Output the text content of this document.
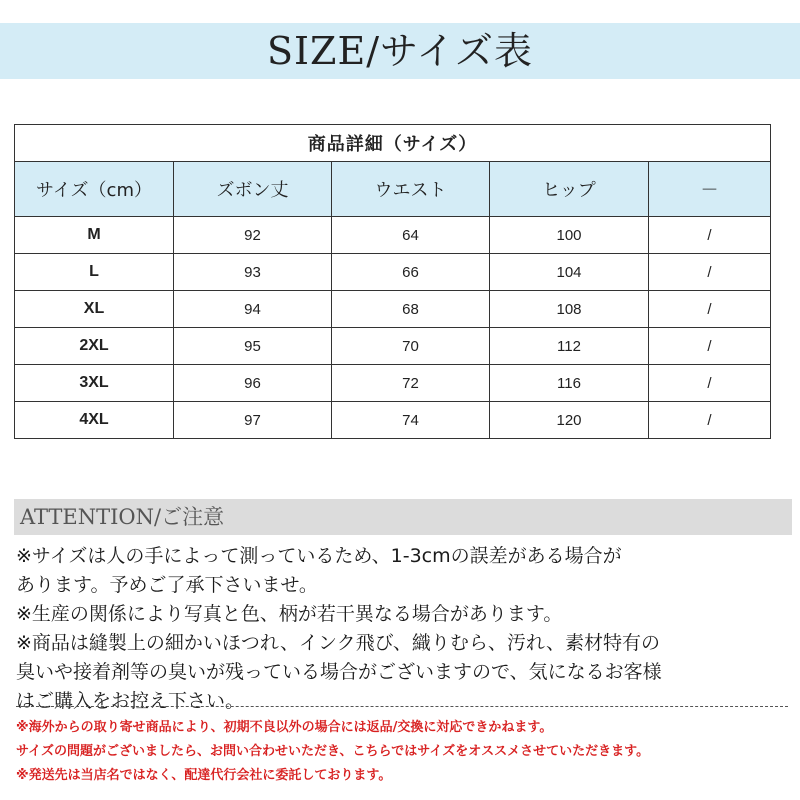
SIZE/サイズ表
商品詳細（サイズ）				
サイズ（cm）	ズボン丈	ウエスト	ヒップ	－
M	92	64	100	/
L	93	66	104	/
XL	94	68	108	/
2XL	95	70	112	/
3XL	96	72	116	/
4XL	97	74	120	/
ATTENTION/ご注意
※サイズは人の手によって測っているため、1-3cmの誤差がある場合が
あります。予めご了承下さいませ。
※生産の関係により写真と色、柄が若干異なる場合があります。
※商品は縫製上の細かいほつれ、インク飛び、織りむら、汚れ、素材特有の
臭いや接着剤等の臭いが残っている場合がございますので、気になるお客様
はご購入をお控え下さい。
※海外からの取り寄せ商品により、初期不良以外の場合には返品/交換に対応できかねます。
サイズの問題がございましたら、お問い合わせいただき、こちらではサイズをオススメさせていただきます。
※発送先は当店名ではなく、配達代行会社に委託しております。
